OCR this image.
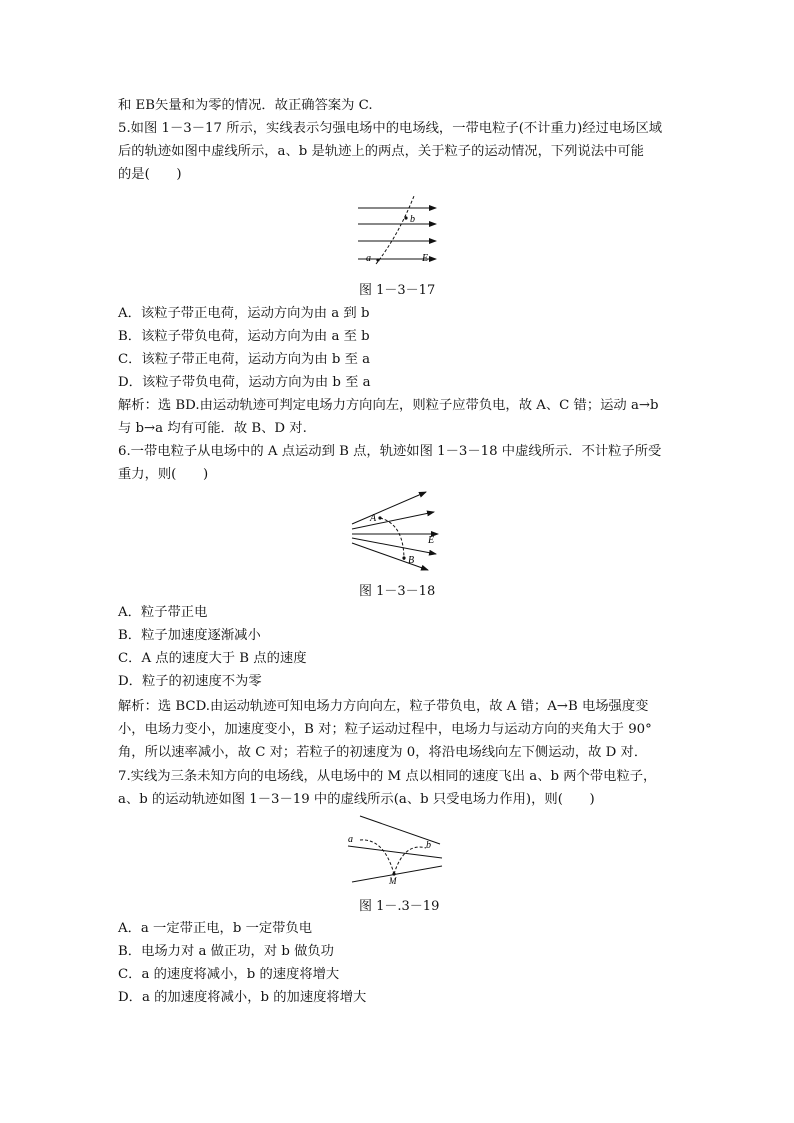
和 EB矢量和为零的情况．故正确答案为 C.
5.如图 1－3－17 所示，实线表示匀强电场中的电场线，一带电粒子(不计重力)经过电场区域
后的轨迹如图中虚线所示，a、b 是轨迹上的两点，关于粒子的运动情况，下列说法中可能
的是(　　)
b
a	E
图 1－3－17
A．该粒子带正电荷，运动方向为由 a 到 b
B．该粒子带负电荷，运动方向为由 a 至 b
C．该粒子带正电荷，运动方向为由 b 至 a
D．该粒子带负电荷，运动方向为由 b 至 a
解析：选 BD.由运动轨迹可判定电场力方向向左，则粒子应带负电，故 A、C 错；运动 a→b
与 b→a 均有可能．故 B、D 对.
6.一带电粒子从电场中的 A 点运动到 B 点，轨迹如图 1－3－18 中虚线所示．不计粒子所受
重力，则(　　)
A
B
E
图 1－3－18
A．粒子带正电
B．粒子加速度逐渐减小
C．A 点的速度大于 B 点的速度
D．粒子的初速度不为零
解析：选 BCD.由运动轨迹可知电场力方向向左，粒子带负电，故 A 错；A→B 电场强度变
小，电场力变小，加速度变小，B 对；粒子运动过程中，电场力与运动方向的夹角大于 90°
角，所以速率减小，故 C 对；若粒子的初速度为 0，将沿电场线向左下侧运动，故 D 对．
7.实线为三条未知方向的电场线，从电场中的 M 点以相同的速度飞出 a、b 两个带电粒子，
a、b 的运动轨迹如图 1－3－19 中的虚线所示(a、b 只受电场力作用)，则(　　)
a
b
M
图 1－.3－19
A．a 一定带正电，b 一定带负电
B．电场力对 a 做正功，对 b 做负功
C．a 的速度将减小，b 的速度将增大
D．a 的加速度将减小，b 的加速度将增大
